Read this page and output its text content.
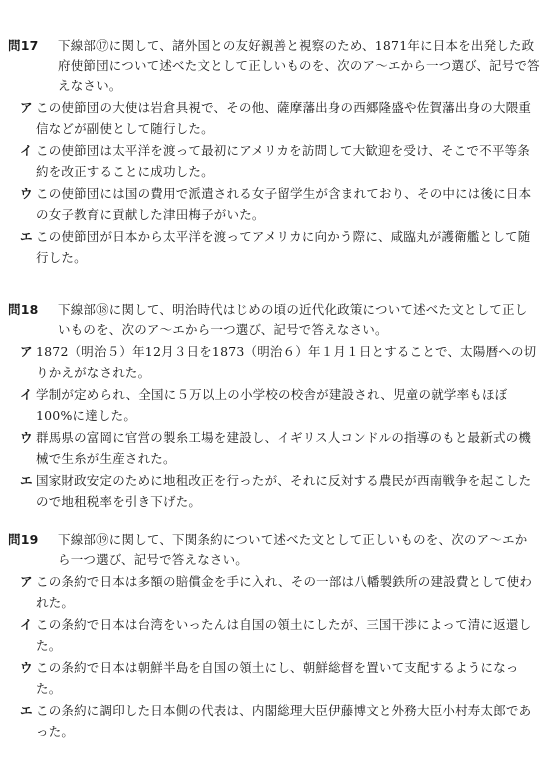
問17 下線部⑰に関して、諸外国との友好親善と視察のため、1871年に日本を出発した政府使節団について述べた文として正しいものを、次のア〜エから一つ選び、記号で答えなさい。
ア この使節団の大使は岩倉具視で、その他、薩摩藩出身の西郷隆盛や佐賀藩出身の大隈重信などが副使として随行した。
イ この使節団は太平洋を渡って最初にアメリカを訪問して大歓迎を受け、そこで不平等条約を改正することに成功した。
ウ この使節団には国の費用で派遣される女子留学生が含まれており、その中には後に日本の女子教育に貢献した津田梅子がいた。
エ この使節団が日本から太平洋を渡ってアメリカに向かう際に、咸臨丸が護衛艦として随行した。
問18 下線部⑱に関して、明治時代はじめの頃の近代化政策について述べた文として正しいものを、次のア〜エから一つ選び、記号で答えなさい。
ア 1872（明治５）年12月３日を1873（明治６）年１月１日とすることで、太陽暦への切りかえがなされた。
イ 学制が定められ、全国に５万以上の小学校の校舎が建設され、児童の就学率もほぼ100%に達した。
ウ 群馬県の富岡に官営の製糸工場を建設し、イギリス人コンドルの指導のもと最新式の機械で生糸が生産された。
エ 国家財政安定のために地租改正を行ったが、それに反対する農民が西南戦争を起こしたので地租税率を引き下げた。
問19 下線部⑲に関して、下関条約について述べた文として正しいものを、次のア〜エから一つ選び、記号で答えなさい。
ア この条約で日本は多額の賠償金を手に入れ、その一部は八幡製鉄所の建設費として使われた。
イ この条約で日本は台湾をいったんは自国の領土にしたが、三国干渉によって清に返還した。
ウ この条約で日本は朝鮮半島を自国の領土にし、朝鮮総督を置いて支配するようになった。
エ この条約に調印した日本側の代表は、内閣総理大臣伊藤博文と外務大臣小村寿太郎であった。
